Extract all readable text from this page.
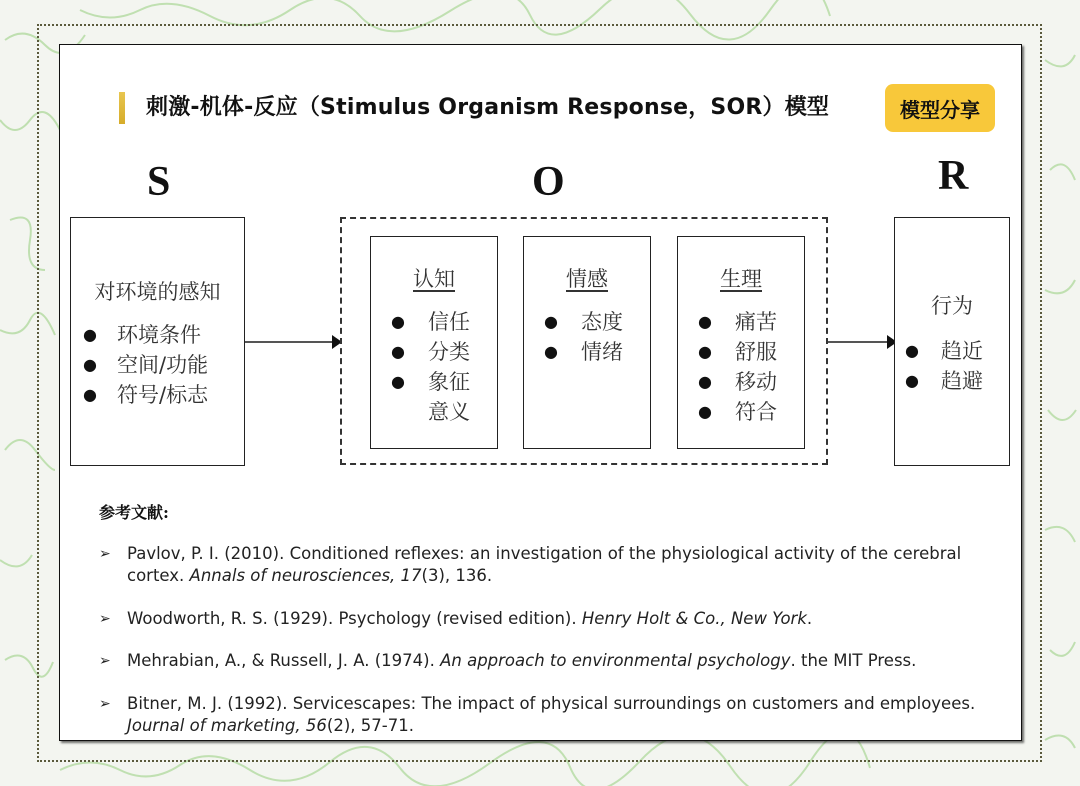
刺激-机体-反应（Stimulus Organism Response，SOR）模型	模型分享
S	O	R
对环境的感知
● 环境条件
● 空间/功能
● 符号/标志
认知
● 信任
● 分类
● 象征
意义
情感
● 态度
● 情绪
生理
● 痛苦
● 舒服
● 移动
● 符合
行为
● 趋近
● 趋避
参考文献:
➢ Pavlov, P. I. (2010). Conditioned reflexes: an investigation of the physiological activity of the cerebral cortex. Annals of neurosciences, 17(3), 136.
➢ Woodworth, R. S. (1929). Psychology (revised edition). Henry Holt & Co., New York.
➢ Mehrabian, A., & Russell, J. A. (1974). An approach to environmental psychology. the MIT Press.
➢ Bitner, M. J. (1992). Servicescapes: The impact of physical surroundings on customers and employees. Journal of marketing, 56(2), 57-71.
